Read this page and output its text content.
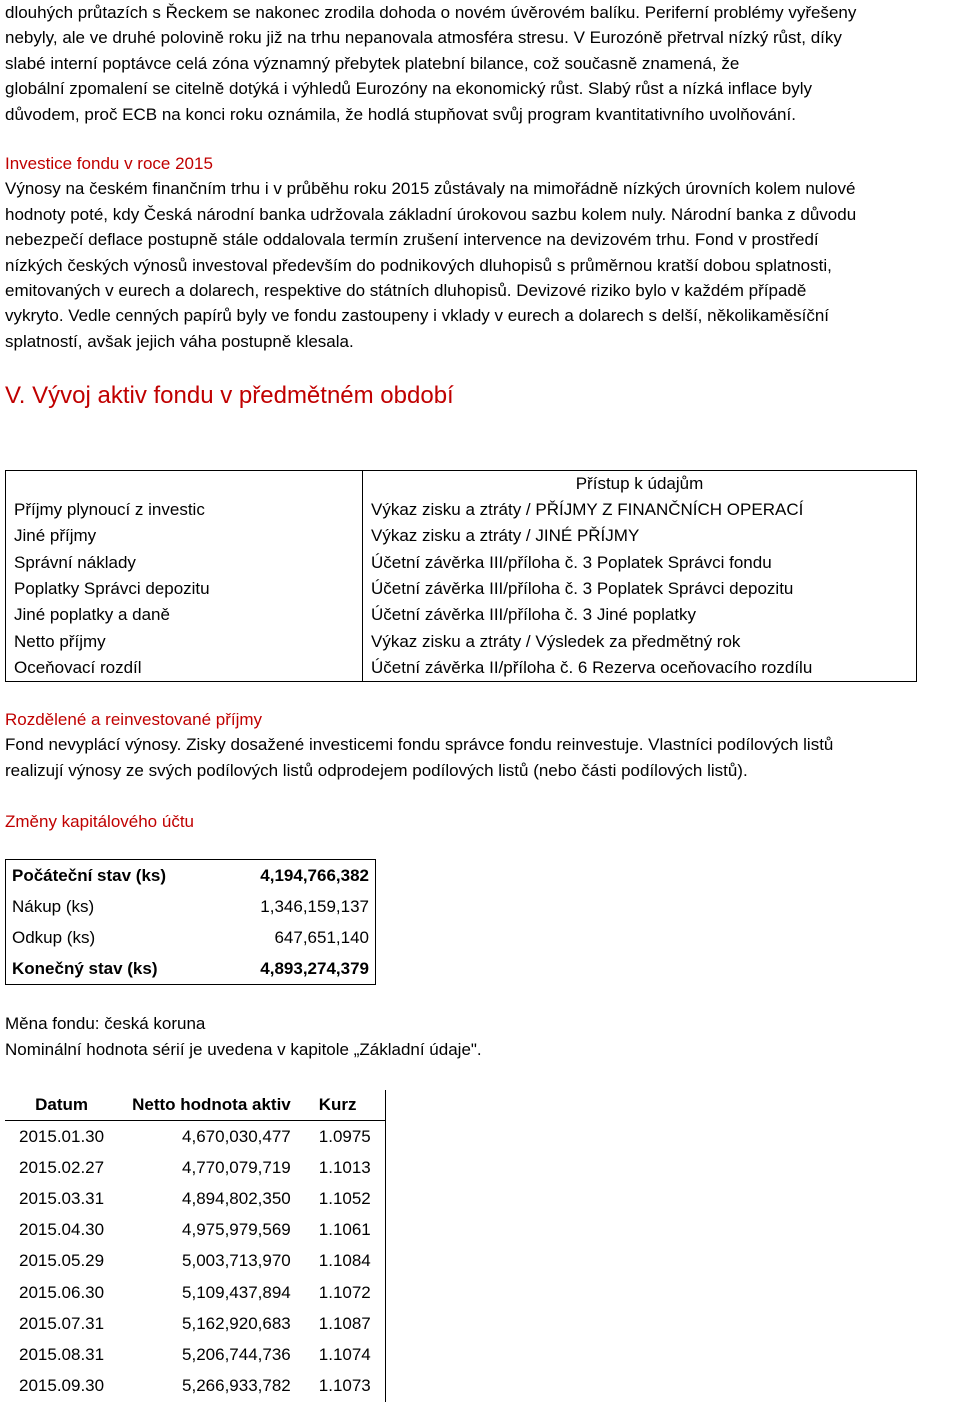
dlouhých průtazích s Řeckem se nakonec zrodila dohoda o novém úvěrovém balíku. Periferní problémy vyřešeny

nebyly, ale ve druhé polovině roku již na trhu nepanovala atmosféra stresu. V Eurozóně přetrval nízký růst, díky

slabé interní poptávce celá zóna významný přebytek platební bilance, což současně znamená, že

globální zpomalení se citelně dotýká i výhledů Eurozóny na ekonomický růst. Slabý růst a nízká inflace byly

důvodem, proč ECB na konci roku oznámila, že hodlá stupňovat svůj program kvantitativního uvolňování.

Investice fondu v roce 2015

Výnosy na českém finančním trhu i v průběhu roku 2015 zůstávaly na mimořádně nízkých úrovních kolem nulové

hodnoty poté, kdy Česká národní banka udržovala základní úrokovou sazbu kolem nuly. Národní banka z důvodu

nebezpečí deflace postupně stále oddalovala termín zrušení intervence na devizovém trhu. Fond v prostředí

nízkých českých výnosů investoval především do podnikových dluhopisů s průměrnou kratší dobou splatnosti,

emitovaných v eurech a dolarech, respektive do státních dluhopisů. Devizové riziko bylo v každém případě

vykryto. Vedle cenných papírů byly ve fondu zastoupeny i vklady v eurech a dolarech s delší, několikaměsíční

splatností, avšak jejich váha postupně klesala.

V. Vývoj aktiv fondu v předmětném období
	Přístup k údajům
Příjmy plynoucí z investic	Výkaz zisku a ztráty / PŘÍJMY Z FINANČNÍCH OPERACÍ
Jiné příjmy	Výkaz zisku a ztráty / JINÉ PŘÍJMY
Správní náklady	Účetní závěrka III/příloha č. 3 Poplatek Správci fondu
Poplatky Správci depozitu	Účetní závěrka III/příloha č. 3 Poplatek Správci depozitu
Jiné poplatky a daně	Účetní závěrka III/příloha č. 3 Jiné poplatky
Netto příjmy	Výkaz zisku a ztráty / Výsledek za předmětný rok
Oceňovací rozdíl	Účetní závěrka II/příloha č. 6 Rezerva oceňovacího rozdílu
Rozdělené a reinvestované příjmy

Fond nevyplácí výnosy. Zisky dosažené investicemi fondu správce fondu reinvestuje. Vlastníci podílových listů

realizují výnosy ze svých podílových listů odprodejem podílových listů (nebo části podílových listů).

Změny kapitálového účtu
Počáteční stav (ks)	4,194,766,382
Nákup (ks)	1,346,159,137
Odkup (ks)	647,651,140
Konečný stav (ks)	4,893,274,379

Měna fondu: česká koruna

Nominální hodnota sérií je uvedena v kapitole „Základní údaje".

Datum	Netto hodnota aktiv	Kurz
2015.01.30	4,670,030,477	1.0975
2015.02.27	4,770,079,719	1.1013
2015.03.31	4,894,802,350	1.1052
2015.04.30	4,975,979,569	1.1061
2015.05.29	5,003,713,970	1.1084
2015.06.30	5,109,437,894	1.1072
2015.07.31	5,162,920,683	1.1087
2015.08.31	5,206,744,736	1.1074
2015.09.30	5,266,933,782	1.1073
